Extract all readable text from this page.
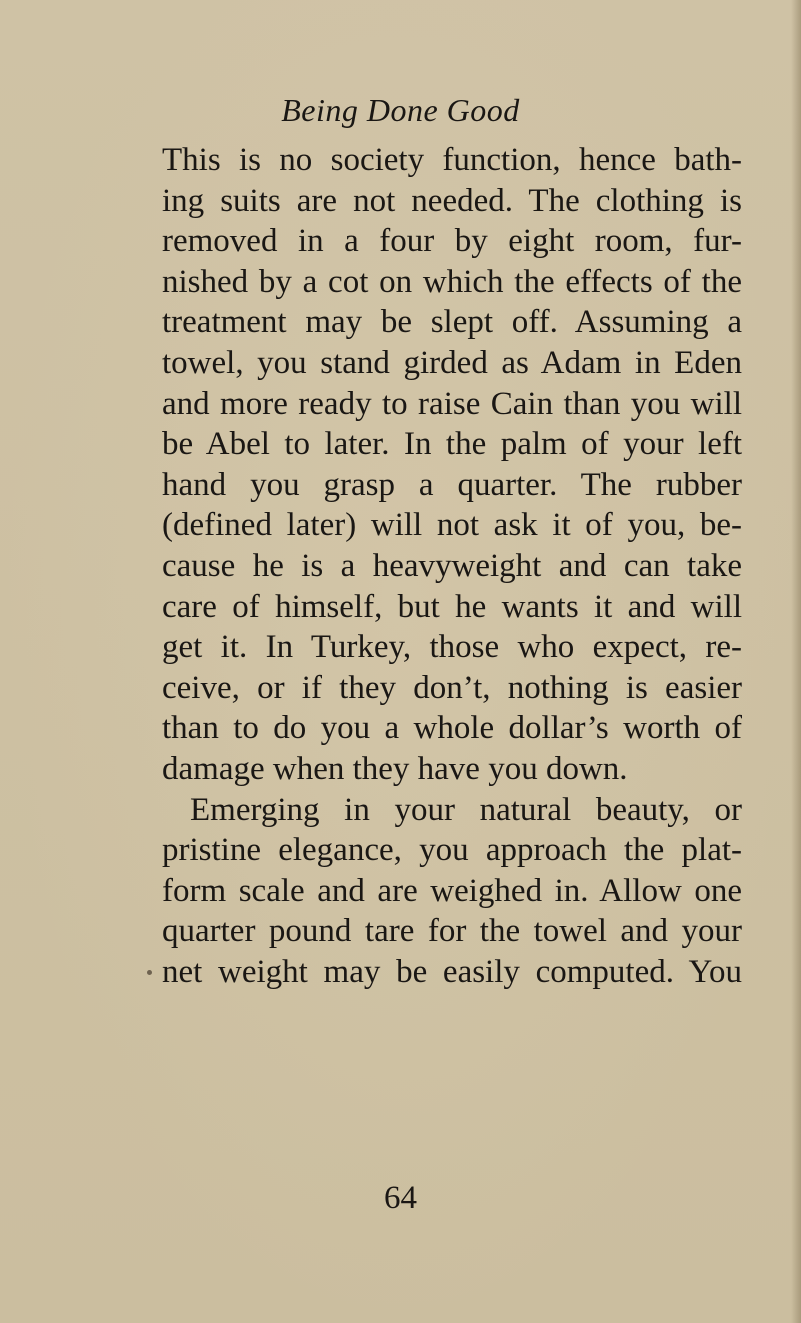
Being Done Good
This is no society function, hence bath-
ing suits are not needed. The clothing is
removed in a four by eight room, fur-
nished by a cot on which the effects of the
treatment may be slept off. Assuming a
towel, you stand girded as Adam in Eden
and more ready to raise Cain than you will
be Abel to later. In the palm of your left
hand you grasp a quarter. The rubber
(defined later) will not ask it of you, be-
cause he is a heavyweight and can take
care of himself, but he wants it and will
get it. In Turkey, those who expect, re-
ceive, or if they don’t, nothing is easier
than to do you a whole dollar’s worth of
damage when they have you down.
Emerging in your natural beauty, or
pristine elegance, you approach the plat-
form scale and are weighed in. Allow one
quarter pound tare for the towel and your
net weight may be easily computed. You
64
